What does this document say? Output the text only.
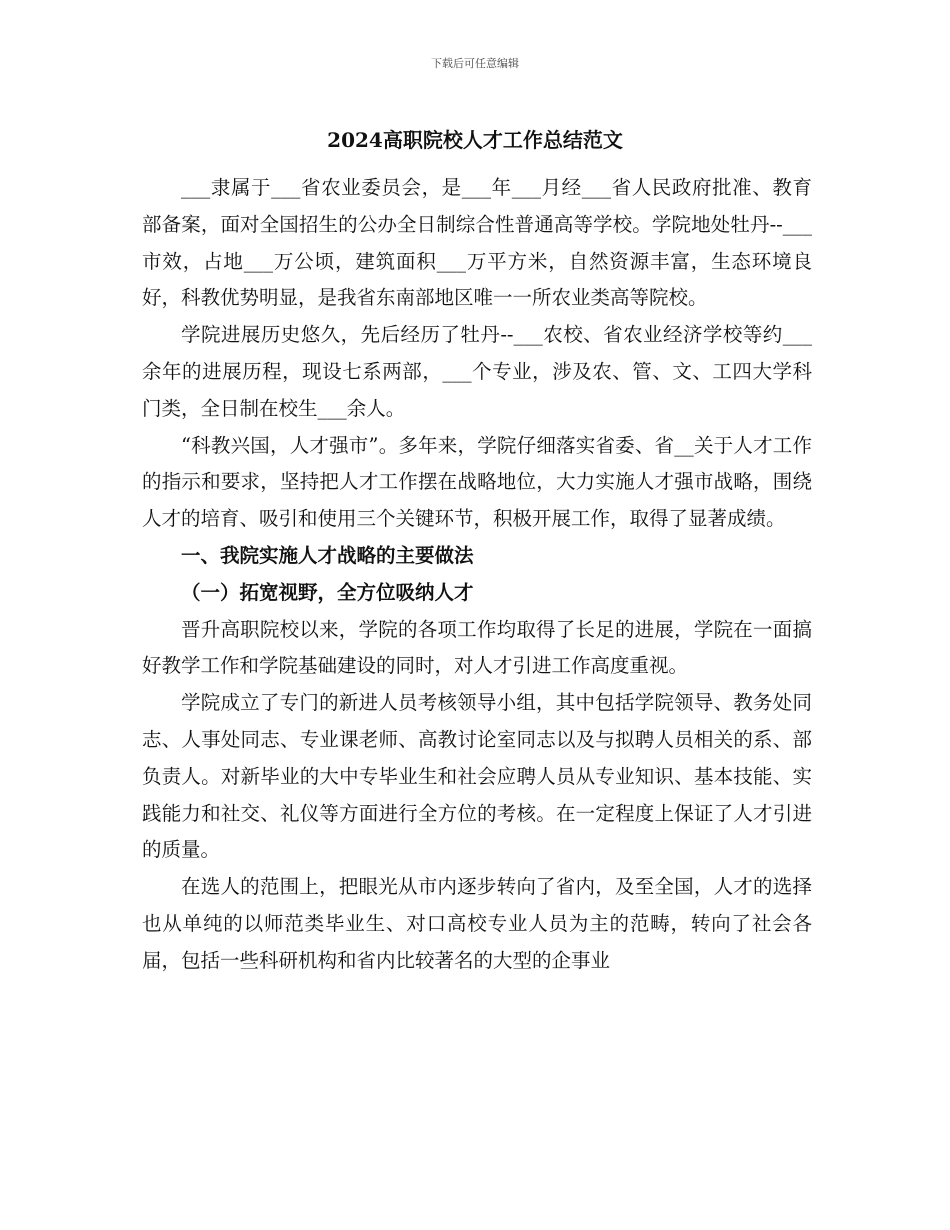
下载后可任意编辑
2024高职院校人才工作总结范文

___隶属于___省农业委员会，是___年___月经___省人民政府批准、教育部备案，面对全国招生的公办全日制综合性普通高等学校。学院地处牡丹--___市效，占地___万公顷，建筑面积___万平方米，自然资源丰富，生态环境良好，科教优势明显，是我省东南部地区唯一一所农业类高等院校。

学院进展历史悠久，先后经历了牡丹--___农校、省农业经济学校等约___余年的进展历程，现设七系两部，___个专业，涉及农、管、文、工四大学科门类，全日制在校生___余人。

“科教兴国，人才强市”。多年来，学院仔细落实省委、省__关于人才工作的指示和要求，坚持把人才工作摆在战略地位，大力实施人才强市战略，围绕人才的培育、吸引和使用三个关键环节，积极开展工作，取得了显著成绩。

一、我院实施人才战略的主要做法
（一）拓宽视野，全方位吸纳人才

晋升高职院校以来，学院的各项工作均取得了长足的进展，学院在一面搞好教学工作和学院基础建设的同时，对人才引进工作高度重视。

学院成立了专门的新进人员考核领导小组，其中包括学院领导、教务处同志、人事处同志、专业课老师、高教讨论室同志以及与拟聘人员相关的系、部负责人。对新毕业的大中专毕业生和社会应聘人员从专业知识、基本技能、实践能力和社交、礼仪等方面进行全方位的考核。在一定程度上保证了人才引进的质量。

在选人的范围上，把眼光从市内逐步转向了省内，及至全国，人才的选择也从单纯的以师范类毕业生、对口高校专业人员为主的范畴，转向了社会各届，包括一些科研机构和省内比较著名的大型的企事业
